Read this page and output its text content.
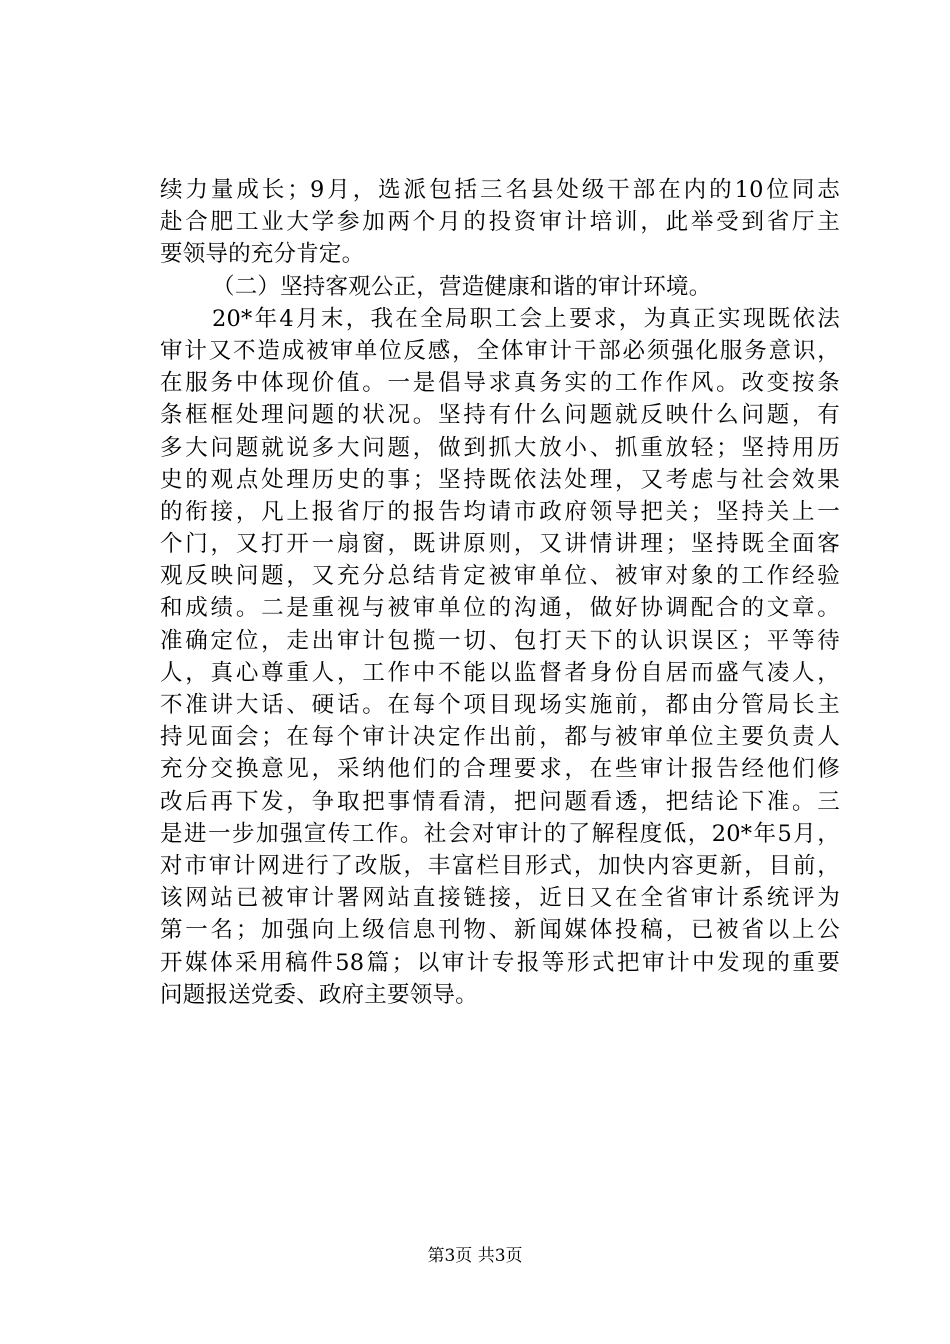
续力量成长；9月，选派包括三名县处级干部在内的10位同志
赴合肥工业大学参加两个月的投资审计培训，此举受到省厅主
要领导的充分肯定。
（二）坚持客观公正，营造健康和谐的审计环境。
20*年4月末，我在全局职工会上要求，为真正实现既依法
审计又不造成被审单位反感，全体审计干部必须强化服务意识，
在服务中体现价值。一是倡导求真务实的工作作风。改变按条
条框框处理问题的状况。坚持有什么问题就反映什么问题，有
多大问题就说多大问题，做到抓大放小、抓重放轻；坚持用历
史的观点处理历史的事；坚持既依法处理，又考虑与社会效果
的衔接，凡上报省厅的报告均请市政府领导把关；坚持关上一
个门，又打开一扇窗，既讲原则，又讲情讲理；坚持既全面客
观反映问题，又充分总结肯定被审单位、被审对象的工作经验
和成绩。二是重视与被审单位的沟通，做好协调配合的文章。
准确定位，走出审计包揽一切、包打天下的认识误区；平等待
人，真心尊重人，工作中不能以监督者身份自居而盛气凌人，
不准讲大话、硬话。在每个项目现场实施前，都由分管局长主
持见面会；在每个审计决定作出前，都与被审单位主要负责人
充分交换意见，采纳他们的合理要求，在些审计报告经他们修
改后再下发，争取把事情看清，把问题看透，把结论下准。三
是进一步加强宣传工作。社会对审计的了解程度低，20*年5月，
对市审计网进行了改版，丰富栏目形式，加快内容更新，目前，
该网站已被审计署网站直接链接，近日又在全省审计系统评为
第一名；加强向上级信息刊物、新闻媒体投稿，已被省以上公
开媒体采用稿件58篇；以审计专报等形式把审计中发现的重要
问题报送党委、政府主要领导。
第3页 共3页
